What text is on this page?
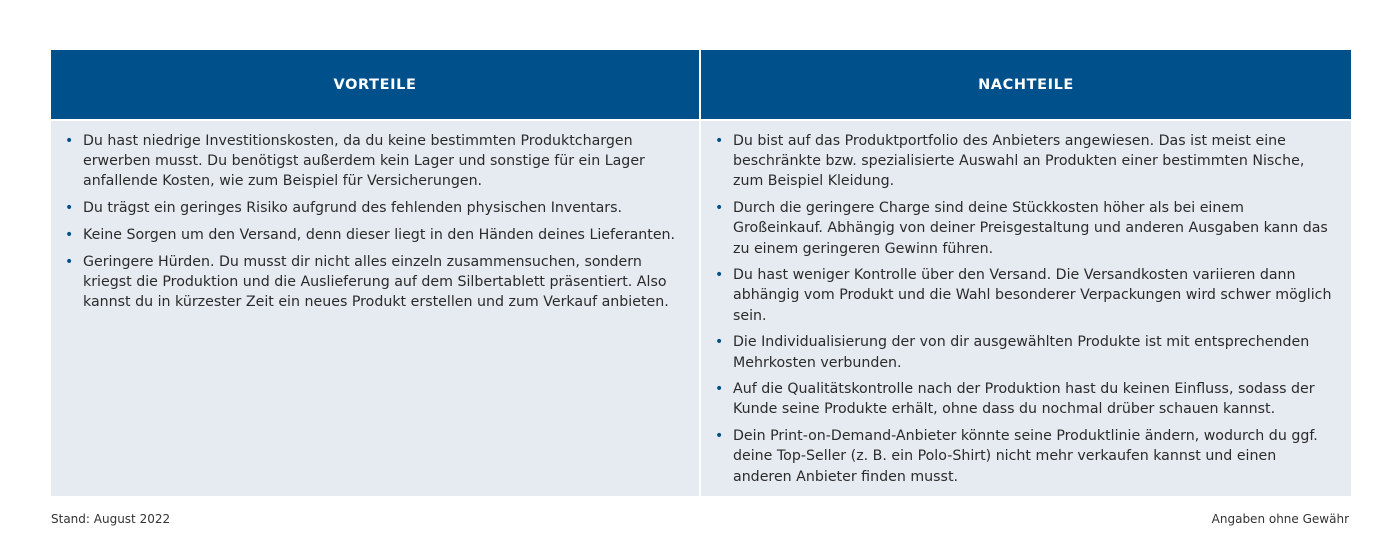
VORTEILE	NACHTEILE
• Du hast niedrige Investitionskosten, da du keine bestimmten Produktchargen erwerben musst. Du benötigst außerdem kein Lager und sonstige für ein Lager anfallende Kosten, wie zum Beispiel für Versicherungen.
• Du trägst ein geringes Risiko aufgrund des fehlenden physischen Inventars.
• Keine Sorgen um den Versand, denn dieser liegt in den Händen deines Lieferanten.
• Geringere Hürden. Du musst dir nicht alles einzeln zusammensuchen, sondern kriegst die Produktion und die Auslieferung auf dem Silbertablett präsentiert. Also kannst du in kürzester Zeit ein neues Produkt erstellen und zum Verkauf anbieten.
• Du bist auf das Produktportfolio des Anbieters angewiesen. Das ist meist eine beschränkte bzw. spezialisierte Auswahl an Produkten einer bestimmten Nische, zum Beispiel Kleidung.
• Durch die geringere Charge sind deine Stückkosten höher als bei einem Großeinkauf. Abhängig von deiner Preisgestaltung und anderen Ausgaben kann das zu einem geringeren Gewinn führen.
• Du hast weniger Kontrolle über den Versand. Die Versandkosten variieren dann abhängig vom Produkt und die Wahl besonderer Verpackungen wird schwer möglich sein.
• Die Individualisierung der von dir ausgewählten Produkte ist mit entsprechenden Mehrkosten verbunden.
• Auf die Qualitätskontrolle nach der Produktion hast du keinen Einfluss, sodass der Kunde seine Produkte erhält, ohne dass du nochmal drüber schauen kannst.
• Dein Print-on-Demand-Anbieter könnte seine Produktlinie ändern, wodurch du ggf. deine Top-Seller (z. B. ein Polo-Shirt) nicht mehr verkaufen kannst und einen anderen Anbieter finden musst.
Stand: August 2022	Angaben ohne Gewähr
